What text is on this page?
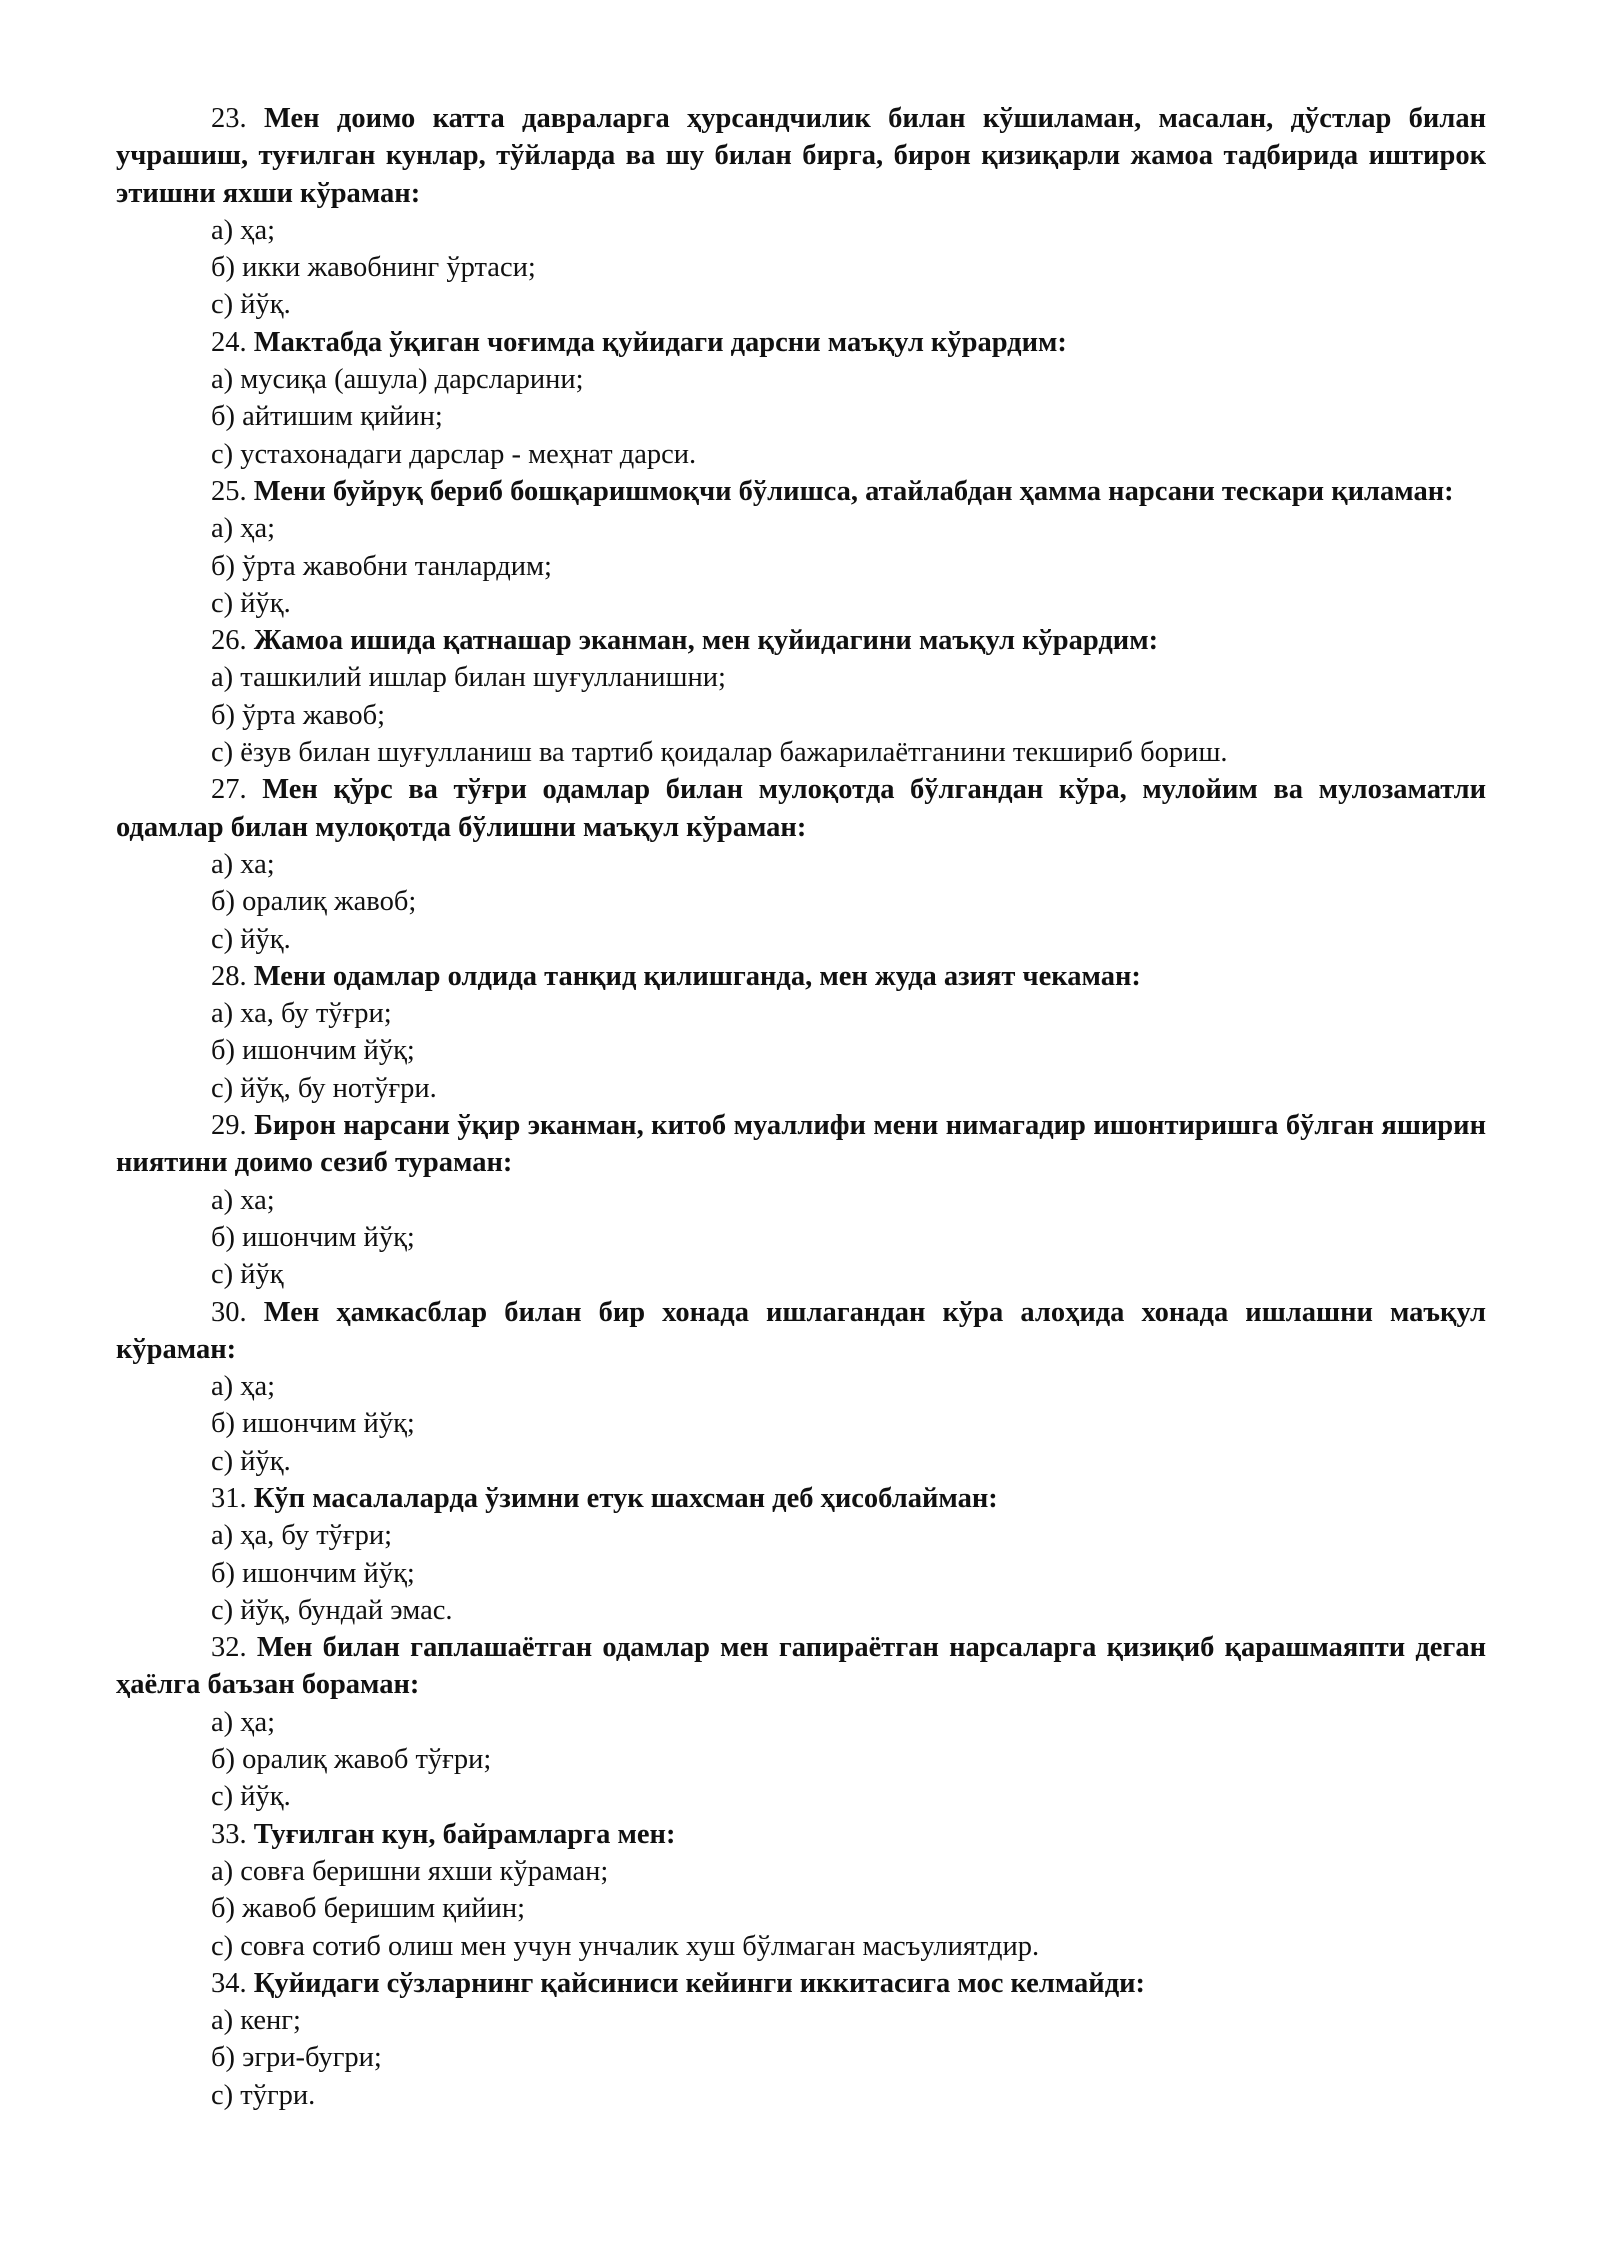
23. Мен доимо катта давраларга ҳурсандчилик билан кўшиламан, масалан, дўстлар билан учрашиш, туғилган кунлар, тўйларда ва шу билан бирга, бирон қизиқарли жамоа тадбирида иштирок этишни яхши кўраман:

а) ҳа;

б) икки жавобнинг ўртаси;

с) йўқ.

24. Мактабда ўқиган чоғимда қуйидаги дарсни маъқул кўрардим:

а) мусиқа (ашула) дарсларини;

б) айтишим қийин;

с) устахонадаги дарслар - меҳнат дарси.

25. Мени буйруқ бериб бошқаришмоқчи бўлишса, атайлабдан ҳамма нарсани тескари қиламан:

а) ҳа;

б) ўрта жавобни танлардим;

с) йўқ.

26. Жамоа ишида қатнашар эканман, мен қуйидагини маъқул кўрардим:

а) ташкилий ишлар билан шуғулланишни;

б) ўрта жавоб;

с) ёзув билан шуғулланиш ва тартиб қоидалар бажарилаётганини текшириб бориш.

27. Мен қўрс ва тўғри одамлар билан мулоқотда бўлгандан кўра, мулойим ва мулозаматли одамлар билан мулоқотда бўлишни маъқул кўраман:

а) ха;

б) оралиқ жавоб;

с) йўқ.

28. Мени одамлар олдида танқид қилишганда, мен жуда азият чекаман:

а) ха, бу тўғри;

б) ишончим йўқ;

с) йўқ, бу нотўғри.

29. Бирон нарсани ўқир эканман, китоб муаллифи мени нимагадир ишонтиришга бўлган яширин ниятини доимо сезиб тураман:

а) ха;

б) ишончим йўқ;

с) йўқ

30. Мен ҳамкасблар билан бир хонада ишлагандан кўра алоҳида хонада ишлашни маъқул кўраман:

а) ҳа;

б) ишончим йўқ;

с) йўқ.

31. Кўп масалаларда ўзимни етук шахсман деб ҳисоблайман:

а) ҳа, бу тўғри;

б) ишончим йўқ;

с) йўқ, бундай эмас.

32. Мен билан гаплашаётган одамлар мен гапираётган нарсаларга қизиқиб қарашмаяпти деган ҳаёлга баъзан бораман:

а) ҳа;

б) оралиқ жавоб тўғри;

с) йўқ.

33. Туғилган кун, байрамларга мен:

а) совға беришни яхши кўраман;

б) жавоб беришим қийин;

с) совға сотиб олиш мен учун унчалик хуш бўлмаган масъулиятдир.

34. Қуйидаги сўзларнинг қайсиниси кейинги иккитасига мос келмайди:

а) кенг;

б) эгри-бугри;

с) тўгри.
